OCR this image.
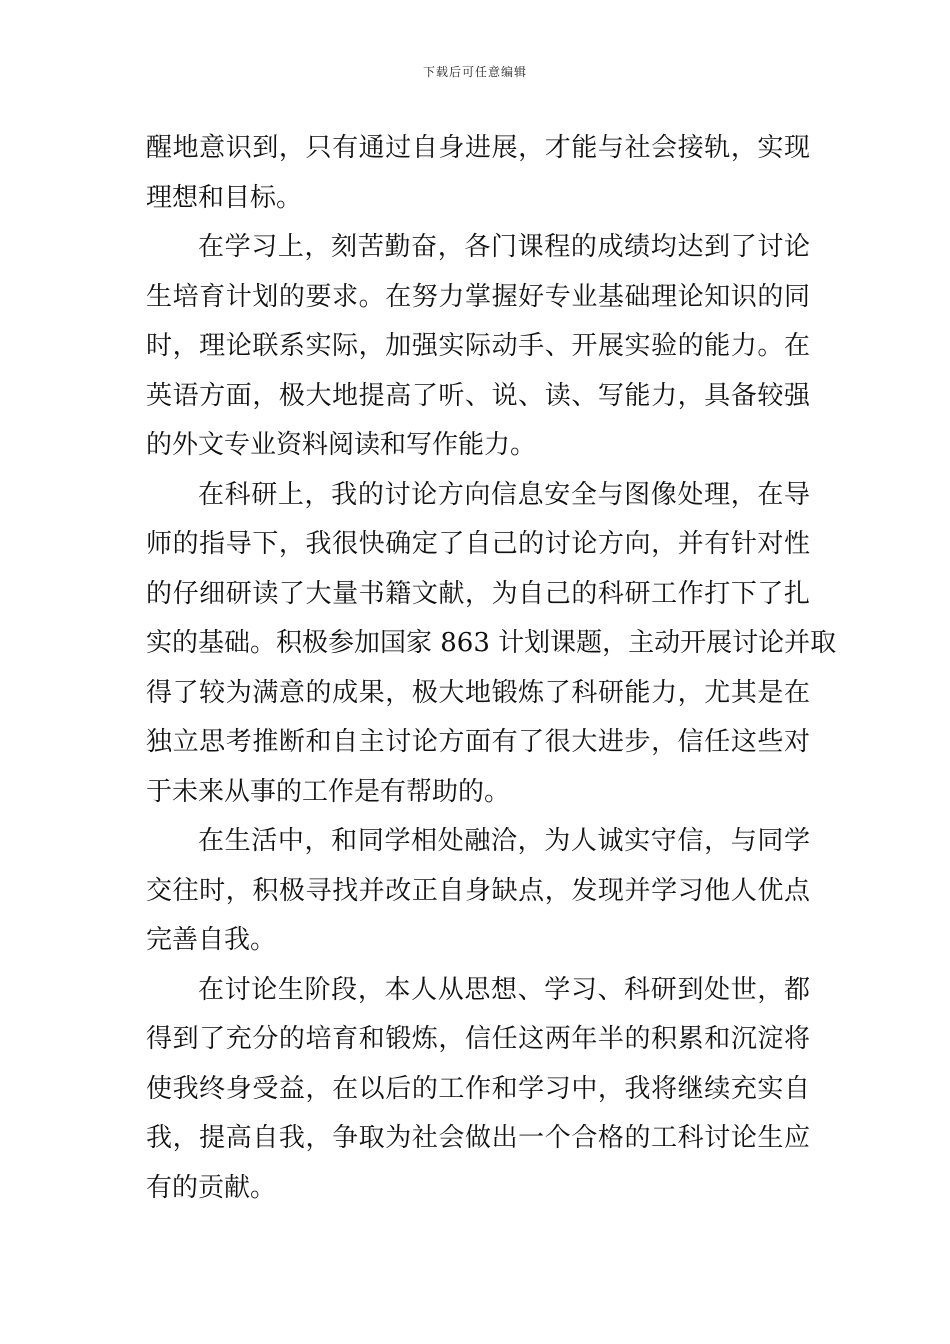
下载后可任意编辑
醒地意识到，只有通过自身进展，才能与社会接轨，实现
理想和目标。
在学习上，刻苦勤奋，各门课程的成绩均达到了讨论
生培育计划的要求。在努力掌握好专业基础理论知识的同
时，理论联系实际，加强实际动手、开展实验的能力。在
英语方面，极大地提高了听、说、读、写能力，具备较强
的外文专业资料阅读和写作能力。
在科研上，我的讨论方向信息安全与图像处理，在导
师的指导下，我很快确定了自己的讨论方向，并有针对性
的仔细研读了大量书籍文献，为自己的科研工作打下了扎
实的基础。积极参加国家 863 计划课题，主动开展讨论并取
得了较为满意的成果，极大地锻炼了科研能力，尤其是在
独立思考推断和自主讨论方面有了很大进步，信任这些对
于未来从事的工作是有帮助的。
在生活中，和同学相处融洽，为人诚实守信，与同学
交往时，积极寻找并改正自身缺点，发现并学习他人优点
完善自我。
在讨论生阶段，本人从思想、学习、科研到处世，都
得到了充分的培育和锻炼，信任这两年半的积累和沉淀将
使我终身受益，在以后的工作和学习中，我将继续充实自
我，提高自我，争取为社会做出一个合格的工科讨论生应
有的贡献。
